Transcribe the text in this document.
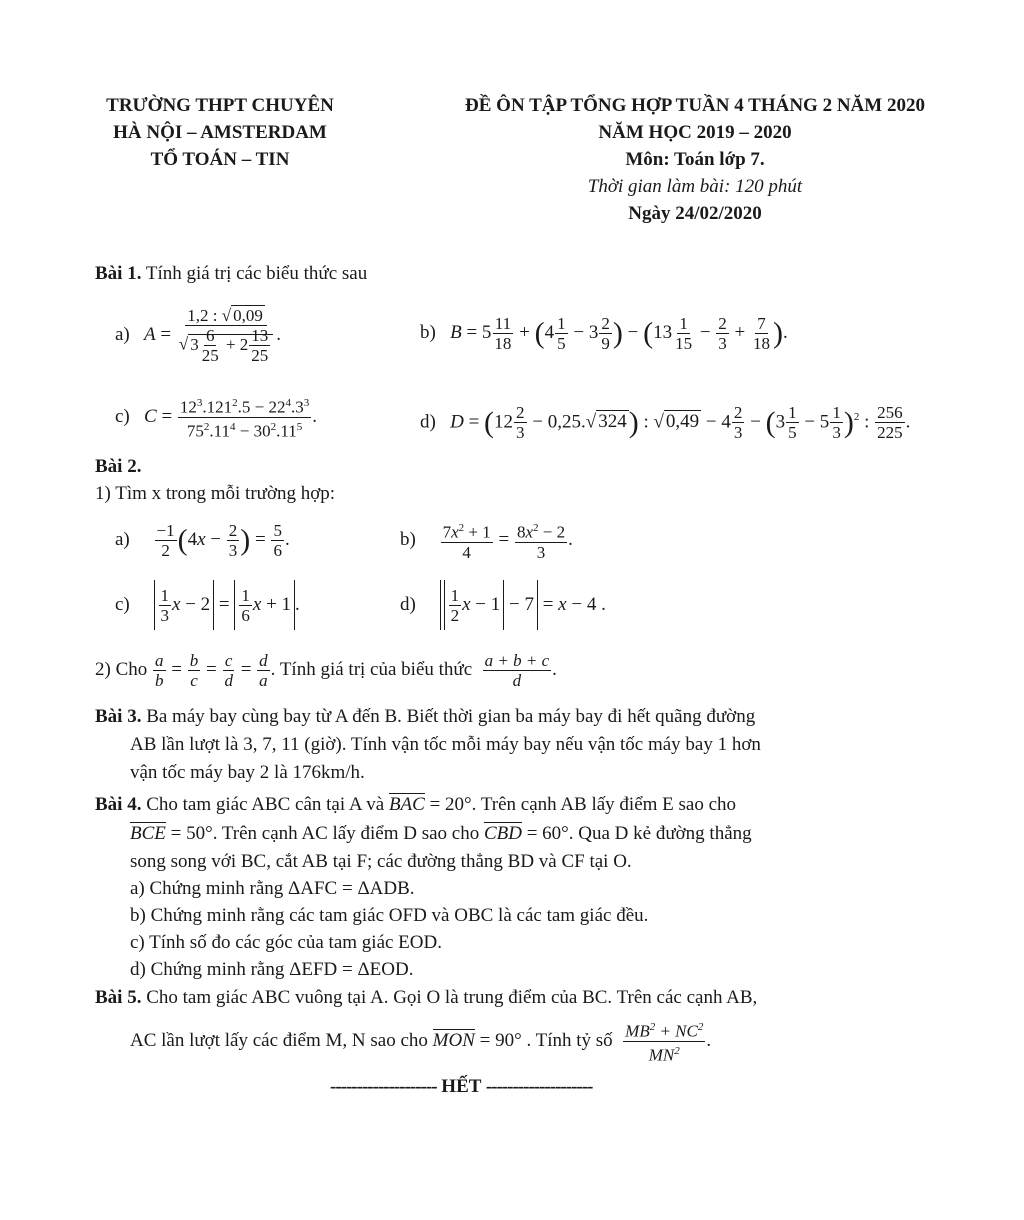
TRƯỜNG THPT CHUYÊN
HÀ NỘI – AMSTERDAM
TỔ TOÁN – TIN
ĐỀ ÔN TẬP TỔNG HỢP TUẦN 4 THÁNG 2 NĂM 2020
NĂM HỌC 2019 – 2020
Môn: Toán lớp 7.
Thời gian làm bài: 120 phút
Ngày 24/02/2020
Bài 1. Tính giá trị các biểu thức sau
a)   $A = \frac{1,2 : √ 0,09}{√ 3 \frac{6}{25} + 2 \frac{13}{25}}$ .	b)   $B = 5 \frac{11}{18} + (4 \frac{1}{5} - 3 \frac{2}{9}$ ) − ($13 \frac{1}{15} - \frac{2}{3} + \frac{7}{18}$ ).
c)   $C = \frac{12^3.121^2.5 - 22^4.3^3}{75^2.11^4 - 30^2.11^5}$ .	d)   $D = (12 \frac{2}{3} - 0,25.√$ 324) : √ $0,49 - 4 \frac{2}{3} - (3 \frac{1}{5} - 5 \frac{1}{3} )^2$ : $\frac{256}{225}$ .
Bài 2.
1) Tìm x trong mỗi trường hợp:
$a) \frac{-1}{2} (4x - \frac{2}{3}$ ) = $\frac{5}{6}$ .	$b) \frac{7x^2 + 1}{4} = \frac{8x^2 - 2}{3}$ .
$c) \frac{1}{3}$ $x - 2 = \frac{1}{6}$ x + 1 .	$d) \frac{1}{2}$ x − 1 − 7 = x − 4 .
2) Cho $\frac{a}{b} = \frac{b}{c} = \frac{c}{d} = \frac{d}{a}$ . Tính giá trị của biểu thức $\frac{a + b + c}{d}$ .
Bài 3. Ba máy bay cùng bay từ A đến B. Biết thời gian ba máy bay đi hết quãng đường
AB lần lượt là 3, 7, 11 (giờ). Tính vận tốc mỗi máy bay nếu vận tốc máy bay 1 hơn
vận tốc máy bay 2 là 176km/h.
Bài 4. Cho tam giác ABC cân tại A và BAC = 20°. Trên cạnh AB lấy điểm E sao cho
BCE = 50°. Trên cạnh AC lấy điểm D sao cho CBD = 60°. Qua D kẻ đường thẳng
song song với BC, cắt AB tại F; các đường thẳng BD và CF tại O.
a) Chứng minh rằng ΔAFC = ΔADB.
b) Chứng minh rằng các tam giác OFD và OBC là các tam giác đều.
c) Tính số đo các góc của tam giác EOD.
d) Chứng minh rằng ΔEFD = ΔEOD.
Bài 5. Cho tam giác ABC vuông tại A. Gọi O là trung điểm của BC. Trên các cạnh AB,
AC lần lượt lấy các điểm M, N sao cho MON = 90° . Tính tỷ số $\frac{MB^2 + NC^2}{MN^2}$ .
-------------------- HẾT --------------------
